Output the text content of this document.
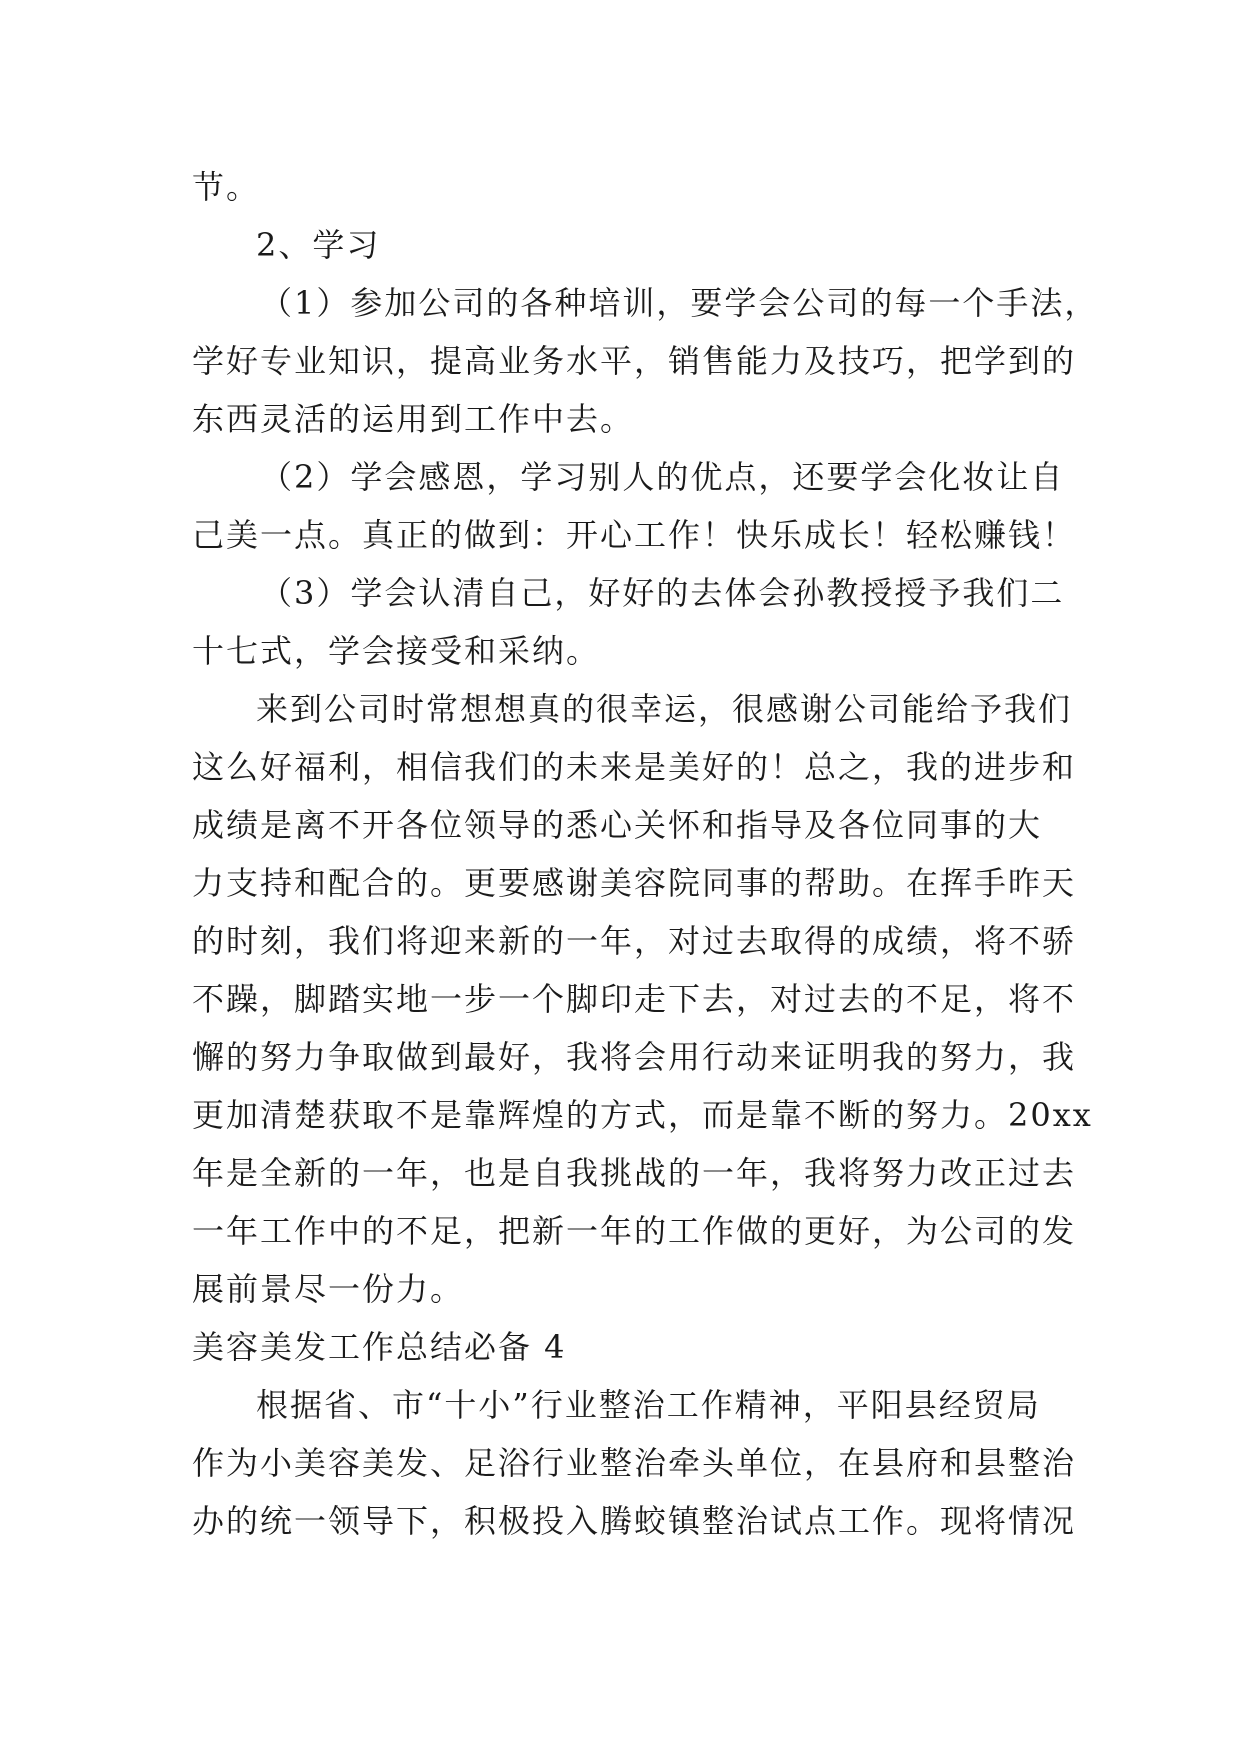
节。
2、学习
（1）参加公司的各种培训，要学会公司的每一个手法，
学好专业知识，提高业务水平，销售能力及技巧，把学到的
东西灵活的运用到工作中去。
（2）学会感恩，学习别人的优点，还要学会化妆让自
己美一点。真正的做到：开心工作！快乐成长！轻松赚钱！
（3）学会认清自己，好好的去体会孙教授授予我们二
十七式，学会接受和采纳。
来到公司时常想想真的很幸运，很感谢公司能给予我们
这么好福利，相信我们的未来是美好的！总之，我的进步和
成绩是离不开各位领导的悉心关怀和指导及各位同事的大
力支持和配合的。更要感谢美容院同事的帮助。在挥手昨天
的时刻，我们将迎来新的一年，对过去取得的成绩，将不骄
不躁，脚踏实地一步一个脚印走下去，对过去的不足，将不
懈的努力争取做到最好，我将会用行动来证明我的努力，我
更加清楚获取不是靠辉煌的方式，而是靠不断的努力。20xx
年是全新的一年，也是自我挑战的一年，我将努力改正过去
一年工作中的不足，把新一年的工作做的更好，为公司的发
展前景尽一份力。
美容美发工作总结必备 4
根据省、市“十小”行业整治工作精神，平阳县经贸局
作为小美容美发、足浴行业整治牵头单位，在县府和县整治
办的统一领导下，积极投入腾蛟镇整治试点工作。现将情况
